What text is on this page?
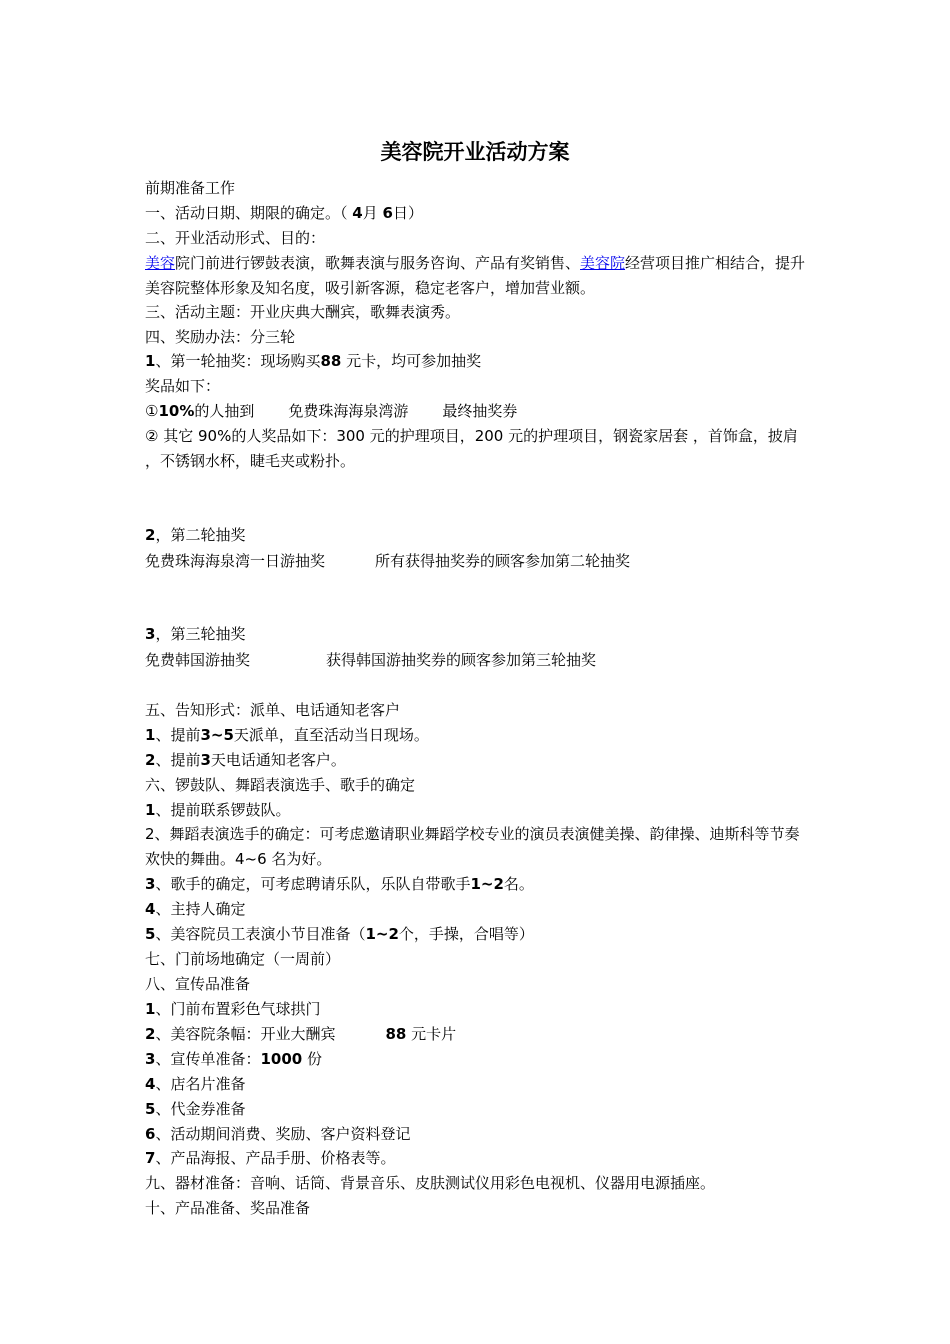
美容院开业活动方案
前期准备工作
一、活动日期、期限的确定。（ 4月 6日）
二、开业活动形式、目的：
美容院门前进行锣鼓表演，歌舞表演与服务咨询、产品有奖销售、美容院经营项目推广相结合，提升美容院整体形象及知名度，吸引新客源，稳定老客户，增加营业额。
三、活动主题：开业庆典大酬宾，歌舞表演秀。
四、奖励办法：分三轮
1、第一轮抽奖：现场购买88 元卡，均可参加抽奖
奖品如下：
①10%的人抽到 免费珠海海泉湾游 最终抽奖券
② 其它 90%的人奖品如下：300 元的护理项目，200 元的护理项目，钢瓷家居套 ，首饰盒，披肩 ，不锈钢水杯，睫毛夹或粉扑。
2，第二轮抽奖
免费珠海海泉湾一日游抽奖	所有获得抽奖券的顾客参加第二轮抽奖
3，第三轮抽奖
免费韩国游抽奖	获得韩国游抽奖券的顾客参加第三轮抽奖
五、告知形式：派单、电话通知老客户
1、提前3~5天派单，直至活动当日现场。
2、提前3天电话通知老客户。
六、锣鼓队、舞蹈表演选手、歌手的确定
1、提前联系锣鼓队。
2、舞蹈表演选手的确定：可考虑邀请职业舞蹈学校专业的演员表演健美操、韵律操、迪斯科等节奏欢快的舞曲。4~6 名为好。
3、歌手的确定，可考虑聘请乐队，乐队自带歌手1~2名。
4、主持人确定
5、美容院员工表演小节目准备（1~2个，手操，合唱等）
七、门前场地确定（一周前）
八、宣传品准备
1、门前布置彩色气球拱门
2、美容院条幅：开业大酬宾	88 元卡片
3、宣传单准备：1000 份
4、店名片准备
5、代金券准备
6、活动期间消费、奖励、客户资料登记
7、产品海报、产品手册、价格表等。
九、器材准备：音响、话筒、背景音乐、皮肤测试仪用彩色电视机、仪器用电源插座。
十、产品准备、奖品准备
